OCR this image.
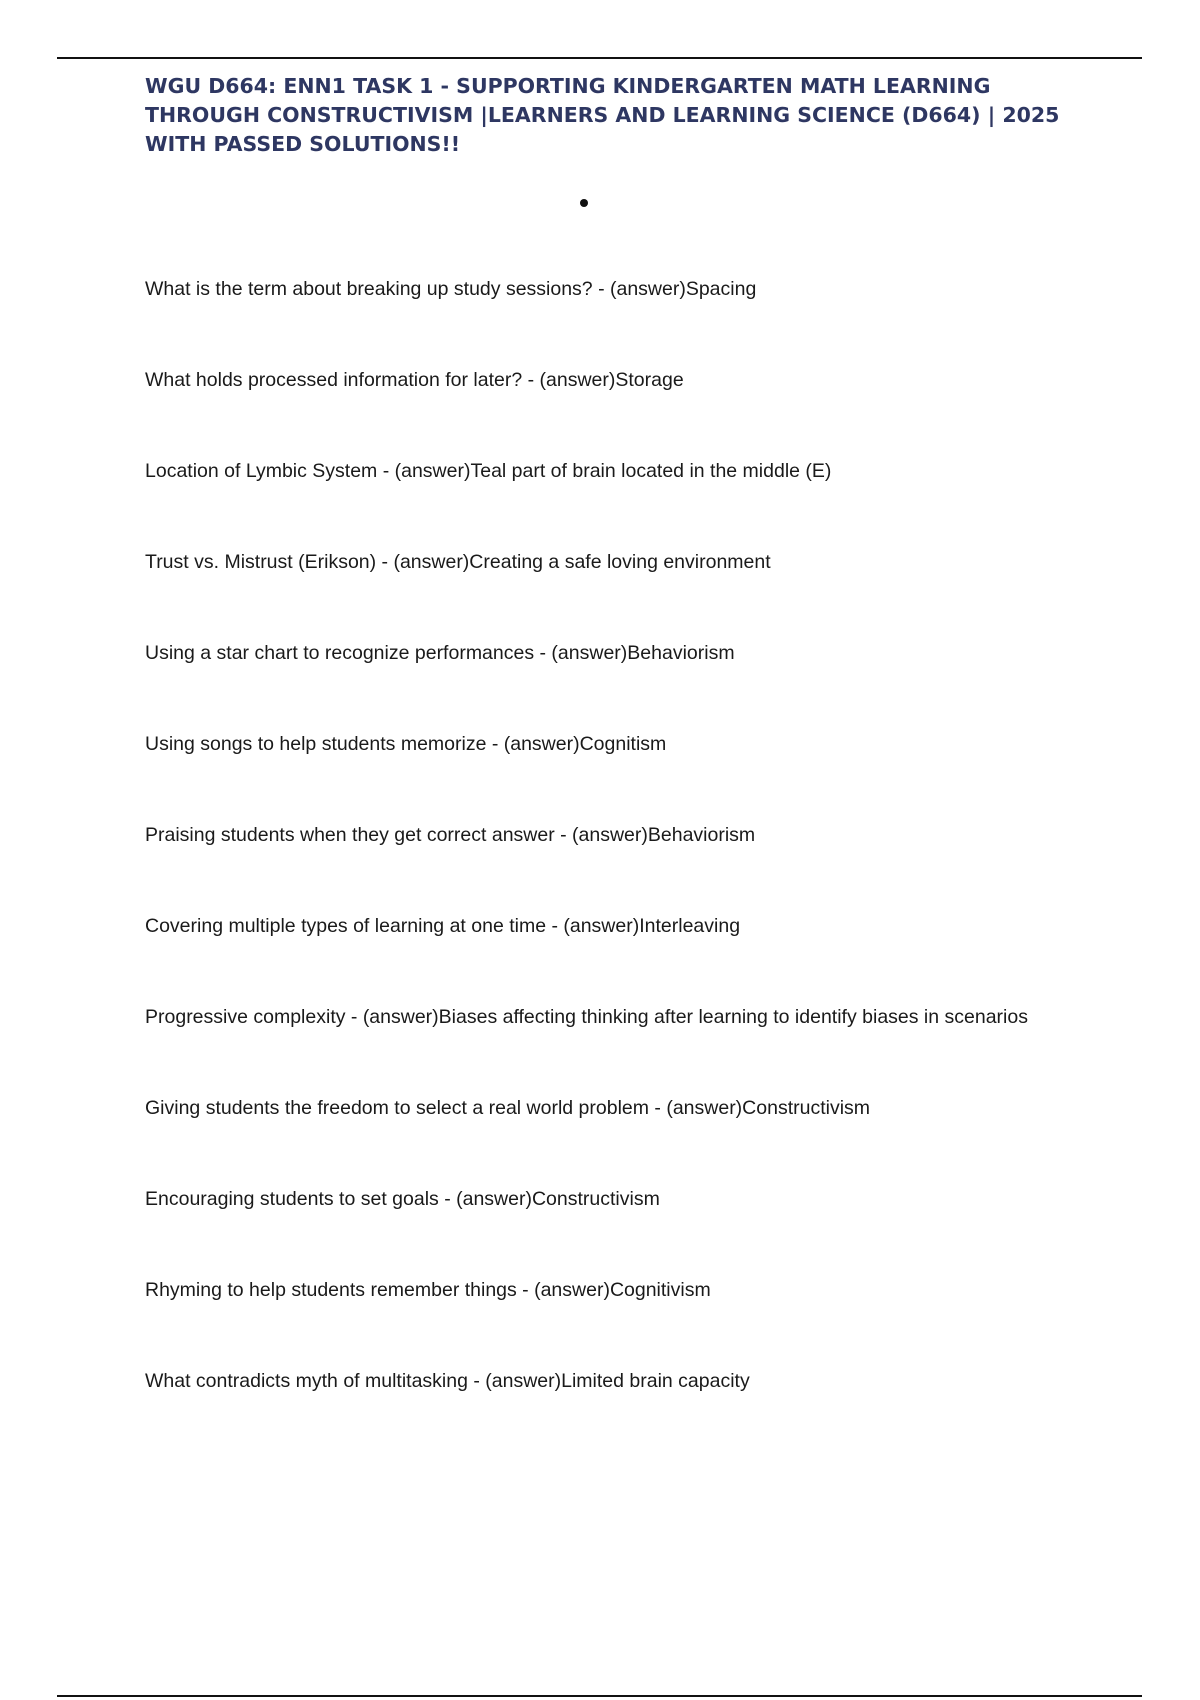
WGU D664: ENN1 TASK 1 - SUPPORTING KINDERGARTEN MATH LEARNING THROUGH CONSTRUCTIVISM |LEARNERS AND LEARNING SCIENCE (D664) | 2025 WITH PASSED SOLUTIONS!!
What is the term about breaking up study sessions? - (answer)Spacing
What holds processed information for later? - (answer)Storage
Location of Lymbic System - (answer)Teal part of brain located in the middle (E)
Trust vs. Mistrust (Erikson) - (answer)Creating a safe loving environment
Using a star chart to recognize performances - (answer)Behaviorism
Using songs to help students memorize - (answer)Cognitism
Praising students when they get correct answer - (answer)Behaviorism
Covering multiple types of learning at one time - (answer)Interleaving
Progressive complexity - (answer)Biases affecting thinking after learning to identify biases in scenarios
Giving students the freedom to select a real world problem - (answer)Constructivism
Encouraging students to set goals - (answer)Constructivism
Rhyming to help students remember things - (answer)Cognitivism
What contradicts myth of multitasking - (answer)Limited brain capacity
